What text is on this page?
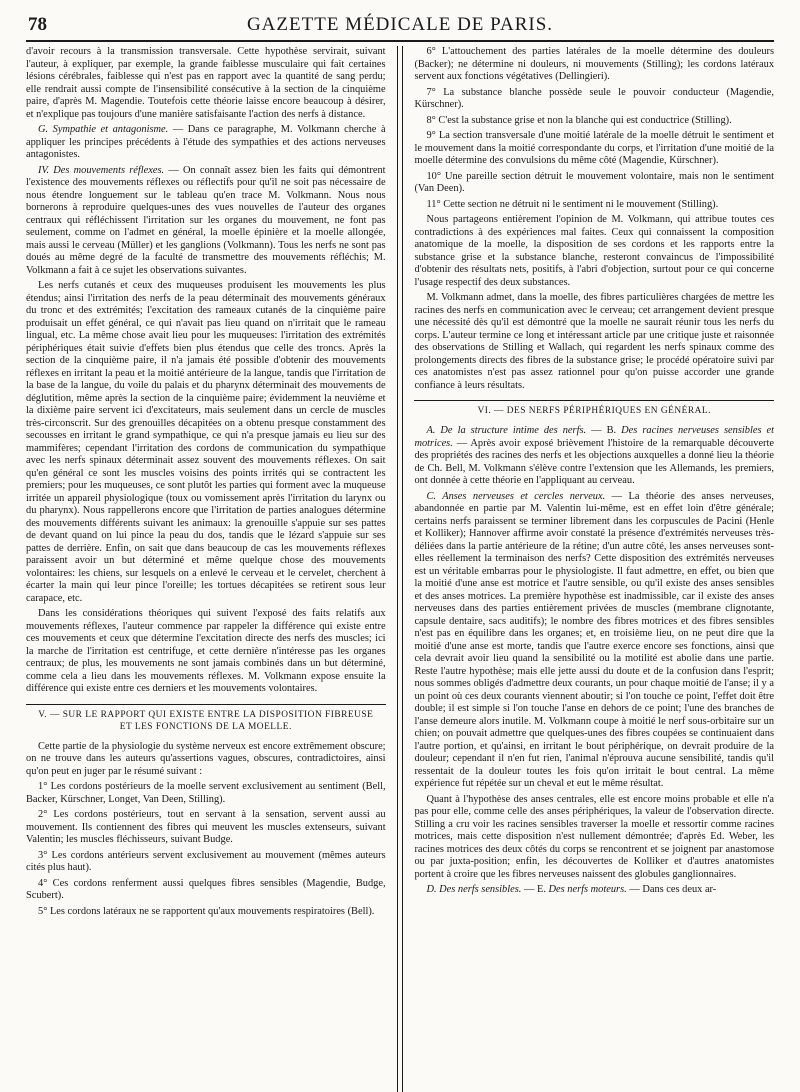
78	GAZETTE MÉDICALE DE PARIS.

d'avoir recours à la transmission transversale. Cette hypothèse servirait, suivant l'auteur, à expliquer, par exemple, la grande faiblesse musculaire qui fait certaines lésions cérébrales, faiblesse qui n'est pas en rapport avec la quantité de sang perdu; elle rendrait aussi compte de l'insensibilité consécutive à la section de la cinquième paire, d'après M. Magendie. Toutefois cette théorie laisse encore beaucoup à désirer, et n'explique pas toujours d'une manière satisfaisante l'action des nerfs à distance.

G. Sympathie et antagonisme. — Dans ce paragraphe, M. Volkmann cherche à appliquer les principes précédents à l'étude des sympathies et des actions nerveuses antagonistes.

IV. Des mouvements réflexes. — On connaît assez bien les faits qui démontrent l'existence des mouvements réflexes ou réflectifs pour qu'il ne soit pas nécessaire de nous étendre longuement sur le tableau qu'en trace M. Volkmann. Nous nous bornerons à reproduire quelques-unes des vues nouvelles de l'auteur des organes centraux qui réfléchissent l'irritation sur les organes du mouvement, ne font pas seulement, comme on l'admet en général, la moelle épinière et la moelle allongée, mais aussi le cerveau (Müller) et les ganglions (Volkmann). Tous les nerfs ne sont pas doués au même degré de la faculté de transmettre des mouvements réfléchis; M. Volkmann a fait à ce sujet les observations suivantes.

Les nerfs cutanés et ceux des muqueuses produisent les mouvements les plus étendus; ainsi l'irritation des nerfs de la peau déterminait des mouvements généraux du tronc et des extrémités; l'excitation des rameaux cutanés de la cinquième paire produisait un effet général, ce qui n'avait pas lieu quand on n'irritait que le rameau lingual, etc. La même chose avait lieu pour les muqueuses: l'irritation des extrémités périphériques était suivie d'effets bien plus étendus que celle des troncs. Après la section de la cinquième paire, il n'a jamais été possible d'obtenir des mouvements réflexes en irritant la peau et la moitié antérieure de la langue, tandis que l'irritation de la base de la langue, du voile du palais et du pharynx déterminait des mouvements de déglutition, même après la section de la cinquième paire; évidemment la neuvième et la dixième paire servent ici d'excitateurs, mais seulement dans un cercle de muscles très-circonscrit. Sur des grenouilles décapitées on a obtenu presque constamment des secousses en irritant le grand sympathique, ce qui n'a presque jamais eu lieu sur des mammifères; cependant l'irritation des cordons de communication du sympathique avec les nerfs spinaux déterminait assez souvent des mouvements réflexes. On sait qu'en général ce sont les muscles voisins des points irrités qui se contractent les premiers; pour les muqueuses, ce sont plutôt les parties qui forment avec la muqueuse irritée un appareil physiologique (toux ou vomissement après l'irritation du larynx ou du pharynx). Nous rappellerons encore que l'irritation de parties analogues détermine des mouvements différents suivant les animaux: la grenouille s'appuie sur ses pattes de devant quand on lui pince la peau du dos, tandis que le lézard s'appuie sur ses pattes de derrière. Enfin, on sait que dans beaucoup de cas les mouvements réflexes paraissent avoir un but déterminé et même quelque chose des mouvements volontaires: les chiens, sur lesquels on a enlevé le cerveau et le cervelet, cherchent à écarter la main qui leur pince l'oreille; les tortues décapitées se retirent sous leur carapace, etc.

Dans les considérations théoriques qui suivent l'exposé des faits relatifs aux mouvements réflexes, l'auteur commence par rappeler la différence qui existe entre ces mouvements et ceux que détermine l'excitation directe des nerfs des muscles; ici la marche de l'irritation est centrifuge, et cette dernière n'intéresse pas les organes centraux; de plus, les mouvements ne sont jamais combinés dans un but déterminé, comme cela a lieu dans les mouvements réflexes. M. Volkmann expose ensuite la différence qui existe entre ces derniers et les mouvements volontaires.

V. — SUR LE RAPPORT QUI EXISTE ENTRE LA DISPOSITION FIBREUSE
ET LES FONCTIONS DE LA MOELLE.

Cette partie de la physiologie du système nerveux est encore extrêmement obscure; on ne trouve dans les auteurs qu'assertions vagues, obscures, contradictoires, ainsi qu'on peut en juger par le résumé suivant :

1° Les cordons postérieurs de la moelle servent exclusivement au sentiment (Bell, Backer, Kürschner, Longet, Van Deen, Stilling).

2° Les cordons postérieurs, tout en servant à la sensation, servent aussi au mouvement. Ils contiennent des fibres qui meuvent les muscles extenseurs, suivant Valentin; les muscles fléchisseurs, suivant Budge.

3° Les cordons antérieurs servent exclusivement au mouvement (mêmes auteurs cités plus haut).

4° Ces cordons renferment aussi quelques fibres sensibles (Magendie, Budge, Scubert).

5° Les cordons latéraux ne se rapportent qu'aux mouvements respiratoires (Bell).

6° L'attouchement des parties latérales de la moelle détermine des douleurs (Backer); ne détermine ni douleurs, ni mouvements (Stilling); les cordons latéraux servent aux fonctions végétatives (Dellingieri).

7° La substance blanche possède seule le pouvoir conducteur (Magendie, Kürschner).

8° C'est la substance grise et non la blanche qui est conductrice (Stilling).

9° La section transversale d'une moitié latérale de la moelle détruit le sentiment et le mouvement dans la moitié correspondante du corps, et l'irritation d'une moitié de la moelle détermine des convulsions du même côté (Magendie, Kürschner).

10° Une pareille section détruit le mouvement volontaire, mais non le sentiment (Van Deen).

11° Cette section ne détruit ni le sentiment ni le mouvement (Stilling).

Nous partageons entièrement l'opinion de M. Volkmann, qui attribue toutes ces contradictions à des expériences mal faites. Ceux qui connaissent la composition anatomique de la moelle, la disposition de ses cordons et les rapports entre la substance grise et la substance blanche, resteront convaincus de l'impossibilité d'obtenir des résultats nets, positifs, à l'abri d'objection, surtout pour ce qui concerne l'usage respectif des deux substances.

M. Volkmann admet, dans la moelle, des fibres particulières chargées de mettre les racines des nerfs en communication avec le cerveau; cet arrangement devient presque une nécessité dès qu'il est démontré que la moelle ne saurait réunir tous les nerfs du corps. L'auteur termine ce long et intéressant article par une critique juste et raisonnée des observations de Stilling et Wallach, qui regardent les nerfs spinaux comme des prolongements directs des fibres de la substance grise; le procédé opératoire suivi par ces anatomistes n'est pas assez rationnel pour qu'on puisse accorder une grande confiance à leurs résultats.

VI. — DES NERFS PÉRIPHÉRIQUES EN GÉNÉRAL.

A. De la structure intime des nerfs. — B. Des racines nerveuses sensibles et motrices. — Après avoir exposé brièvement l'histoire de la remarquable découverte des propriétés des racines des nerfs et les objections auxquelles a donné lieu la théorie de Ch. Bell, M. Volkmann s'élève contre l'extension que les Allemands, les premiers, ont donnée à cette théorie en l'appliquant au cerveau.

C. Anses nerveuses et cercles nerveux. — La théorie des anses nerveuses, abandonnée en partie par M. Valentin lui-même, est en effet loin d'être générale; certains nerfs paraissent se terminer librement dans les corpuscules de Pacini (Henle et Kolliker); Hannover affirme avoir constaté la présence d'extrémités nerveuses très-déliées dans la partie antérieure de la rétine; d'un autre côté, les anses nerveuses sont-elles réellement la terminaison des nerfs? Cette disposition des extrémités nerveuses est un véritable embarras pour le physiologiste. Il faut admettre, en effet, ou bien que la moitié d'une anse est motrice et l'autre sensible, ou qu'il existe des anses sensibles et des anses motrices. La première hypothèse est inadmissible, car il existe des anses nerveuses dans des parties entièrement privées de muscles (membrane clignotante, capsule dentaire, sacs auditifs); le nombre des fibres motrices et des fibres sensibles n'est pas en équilibre dans les organes; et, en troisième lieu, on ne peut dire que la moitié d'une anse est morte, tandis que l'autre exerce encore ses fonctions, ainsi que cela devrait avoir lieu quand la sensibilité ou la motilité est abolie dans une partie. Reste l'autre hypothèse; mais elle jette aussi du doute et de la confusion dans l'esprit; nous sommes obligés d'admettre deux courants, un pour chaque moitié de l'anse; il y a un point où ces deux courants viennent aboutir; si l'on touche ce point, l'effet doit être double; il est simple si l'on touche l'anse en dehors de ce point; l'une des branches de l'anse demeure alors inutile. M. Volkmann coupe à moitié le nerf sous-orbitaire sur un chien; on pouvait admettre que quelques-unes des fibres coupées se continuaient dans l'autre portion, et qu'ainsi, en irritant le bout périphérique, on devrait produire de la douleur; cependant il n'en fut rien, l'animal n'éprouva aucune sensibilité, tandis qu'il ressentait de la douleur toutes les fois qu'on irritait le bout central. La même expérience fut répétée sur un cheval et eut le même résultat.

Quant à l'hypothèse des anses centrales, elle est encore moins probable et elle n'a pas pour elle, comme celle des anses périphériques, la valeur de l'observation directe. Stilling a cru voir les racines sensibles traverser la moelle et ressortir comme racines motrices, mais cette disposition n'est nullement démontrée; d'après Ed. Weber, les racines motrices des deux côtés du corps se rencontrent et se joignent par anastomose ou par juxta-position; enfin, les découvertes de Kolliker et d'autres anatomistes portent à croire que les fibres nerveuses naissent des globules ganglionnaires.

D. Des nerfs sensibles. — E. Des nerfs moteurs. — Dans ces deux ar-
